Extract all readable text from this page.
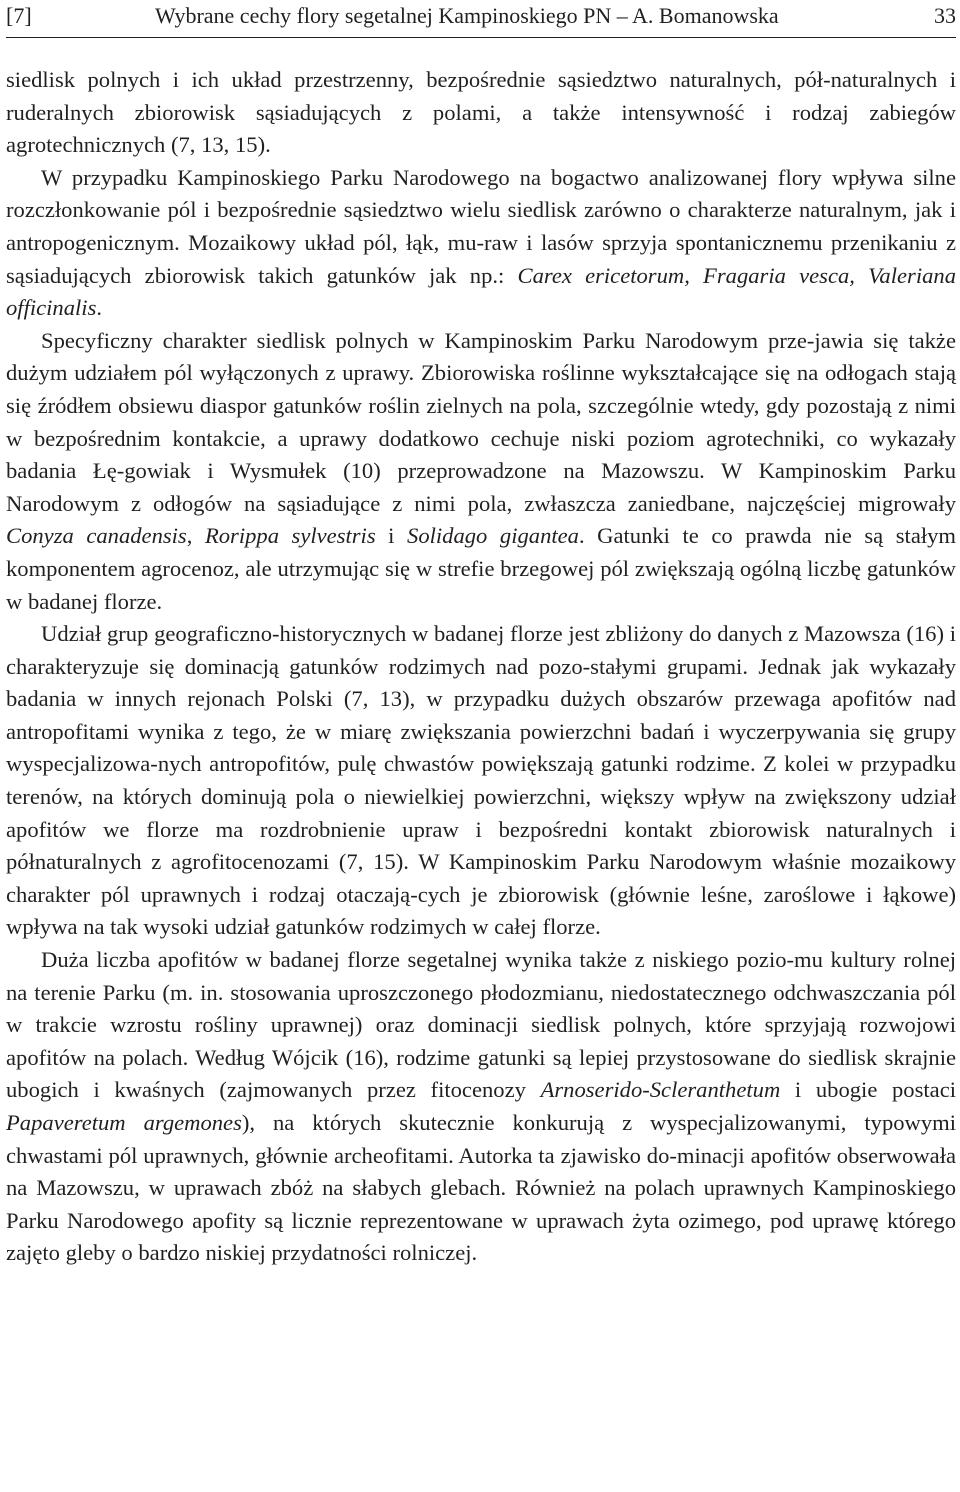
[7]	Wybrane cechy flory segetalnej Kampinoskiego PN – A. Bomanowska	33

siedlisk polnych i ich układ przestrzenny, bezpośrednie sąsiedztwo naturalnych, pół-naturalnych i ruderalnych zbiorowisk sąsiadujących z polami, a także intensywność i rodzaj zabiegów agrotechnicznych (7, 13, 15).

W przypadku Kampinoskiego Parku Narodowego na bogactwo analizowanej flory wpływa silne rozczłonkowanie pól i bezpośrednie sąsiedztwo wielu siedlisk zarówno o charakterze naturalnym, jak i antropogenicznym. Mozaikowy układ pól, łąk, mu-raw i lasów sprzyja spontanicznemu przenikaniu z sąsiadujących zbiorowisk takich gatunków jak np.: Carex ericetorum, Fragaria vesca, Valeriana officinalis.

Specyficzny charakter siedlisk polnych w Kampinoskim Parku Narodowym prze-jawia się także dużym udziałem pól wyłączonych z uprawy. Zbiorowiska roślinne wykształcające się na odłogach stają się źródłem obsiewu diaspor gatunków roślin zielnych na pola, szczególnie wtedy, gdy pozostają z nimi w bezpośrednim kontakcie, a uprawy dodatkowo cechuje niski poziom agrotechniki, co wykazały badania Łę-gowiak i Wysmułek (10) przeprowadzone na Mazowszu. W Kampinoskim Parku Narodowym z odłogów na sąsiadujące z nimi pola, zwłaszcza zaniedbane, najczęściej migrowały Conyza canadensis, Rorippa sylvestris i Solidago gigantea. Gatunki te co prawda nie są stałym komponentem agrocenoz, ale utrzymując się w strefie brzegowej pól zwiększają ogólną liczbę gatunków w badanej florze.

Udział grup geograficzno-historycznych w badanej florze jest zbliżony do danych z Mazowsza (16) i charakteryzuje się dominacją gatunków rodzimych nad pozo-stałymi grupami. Jednak jak wykazały badania w innych rejonach Polski (7, 13), w przypadku dużych obszarów przewaga apofitów nad antropofitami wynika z tego, że w miarę zwiększania powierzchni badań i wyczerpywania się grupy wyspecjalizowa-nych antropofitów, pulę chwastów powiększają gatunki rodzime. Z kolei w przypadku terenów, na których dominują pola o niewielkiej powierzchni, większy wpływ na zwiększony udział apofitów we florze ma rozdrobnienie upraw i bezpośredni kontakt zbiorowisk naturalnych i półnaturalnych z agrofitocenozami (7, 15). W Kampinoskim Parku Narodowym właśnie mozaikowy charakter pól uprawnych i rodzaj otaczają-cych je zbiorowisk (głównie leśne, zaroślowe i łąkowe) wpływa na tak wysoki udział gatunków rodzimych w całej florze.

Duża liczba apofitów w badanej florze segetalnej wynika także z niskiego pozio-mu kultury rolnej na terenie Parku (m. in. stosowania uproszczonego płodozmianu, niedostatecznego odchwaszczania pól w trakcie wzrostu rośliny uprawnej) oraz dominacji siedlisk polnych, które sprzyjają rozwojowi apofitów na polach. Według Wójcik (16), rodzime gatunki są lepiej przystosowane do siedlisk skrajnie ubogich i kwaśnych (zajmowanych przez fitocenozy Arnoserido-Scleranthetum i ubogie postaci Papaveretum argemones), na których skutecznie konkurują z wyspecjalizowanymi, typowymi chwastami pól uprawnych, głównie archeofitami. Autorka ta zjawisko do-minacji apofitów obserwowała na Mazowszu, w uprawach zbóż na słabych glebach. Również na polach uprawnych Kampinoskiego Parku Narodowego apofity są licznie reprezentowane w uprawach żyta ozimego, pod uprawę którego zajęto gleby o bardzo niskiej przydatności rolniczej.
